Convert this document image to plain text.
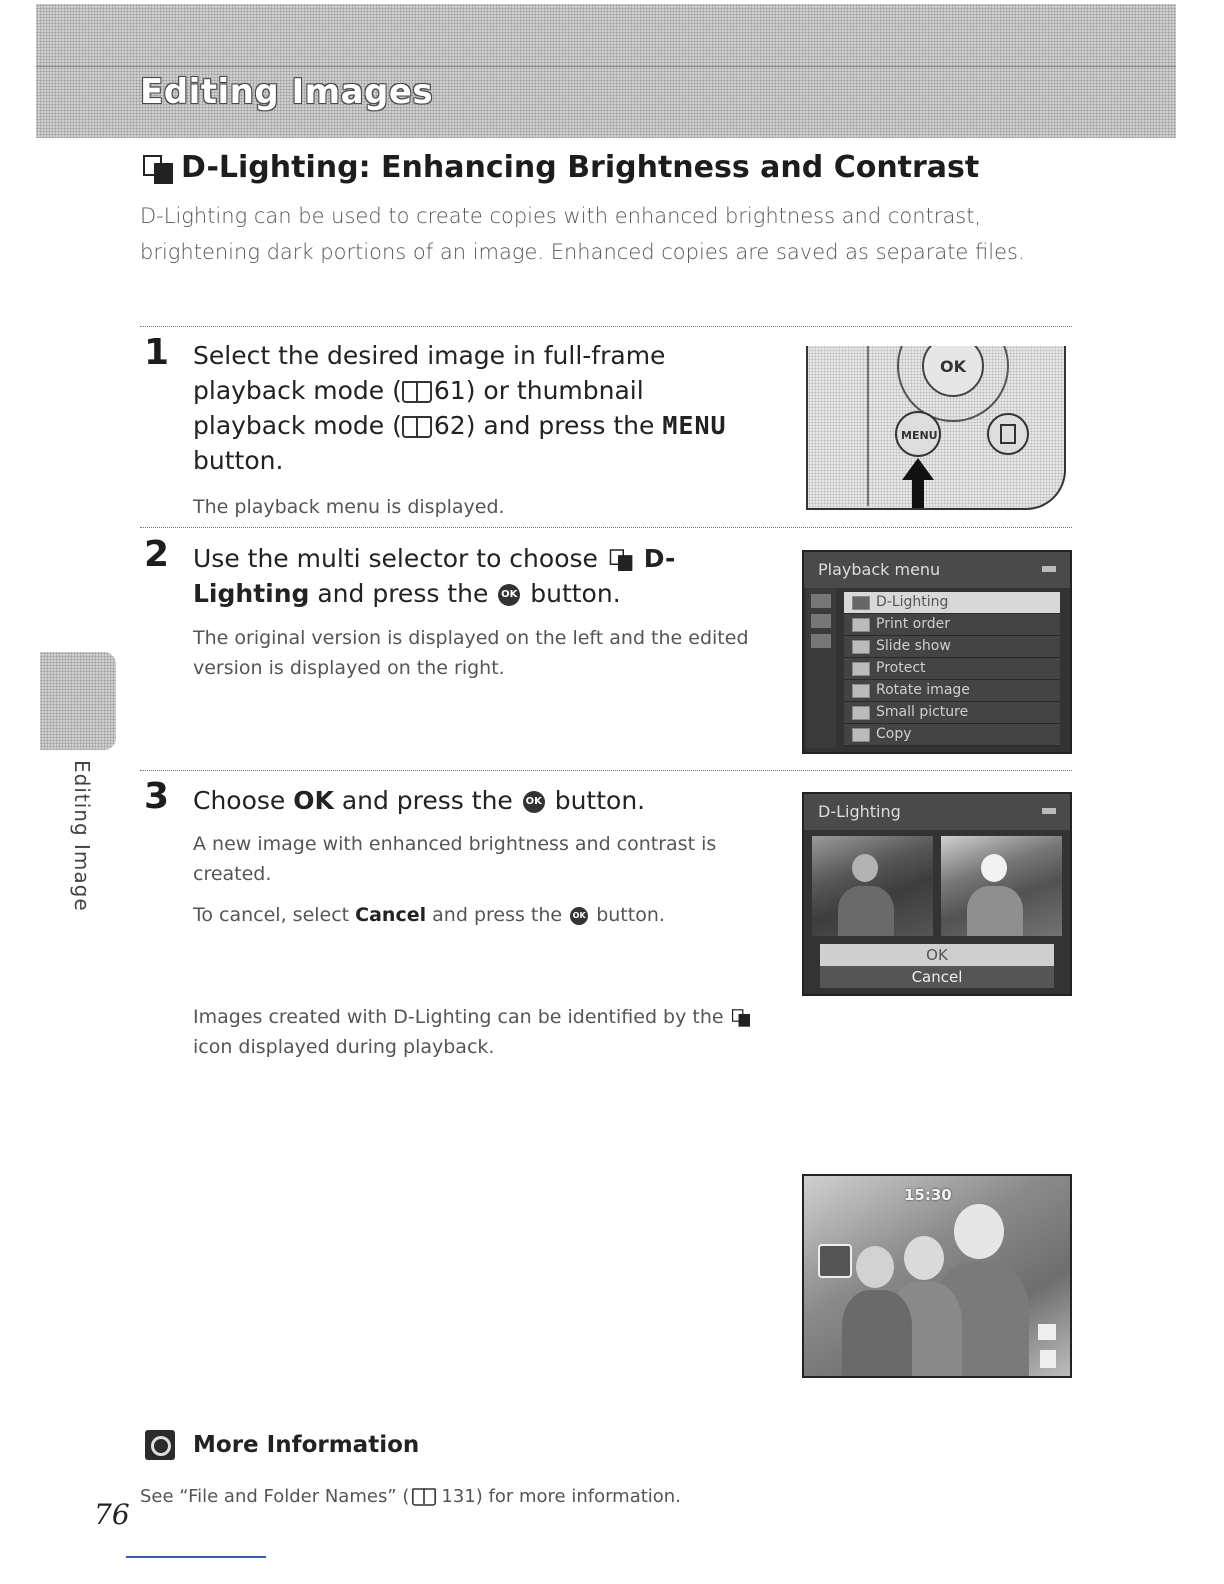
Editing Images
D-Lighting: Enhancing Brightness and Contrast
D-Lighting can be used to create copies with enhanced brightness and contrast, brightening dark portions of an image. Enhanced copies are saved as separate files.
1 Select the desired image in full-frame playback mode ( 61) or thumbnail playback mode ( 62) and press the MENU button.
The playback menu is displayed.
OK
MENU
2 Use the multi selector to choose
D-Lighting and press the OK button.
The original version is displayed on the left and the edited version is displayed on the right.
Playback menu
D-Lighting
Print order
Slide show
Protect
Rotate image
Small picture
Copy
Editing Image 3 Choose OK and press the OK button.
A new image with enhanced brightness and contrast is created.
To cancel, select Cancel and press the OK button.
D-Lighting
OK
Cancel
Images created with D-Lighting can be identified by the
icon displayed during playback.
15:30
More Information
See “File and Folder Names” ( 131) for more information.
76
